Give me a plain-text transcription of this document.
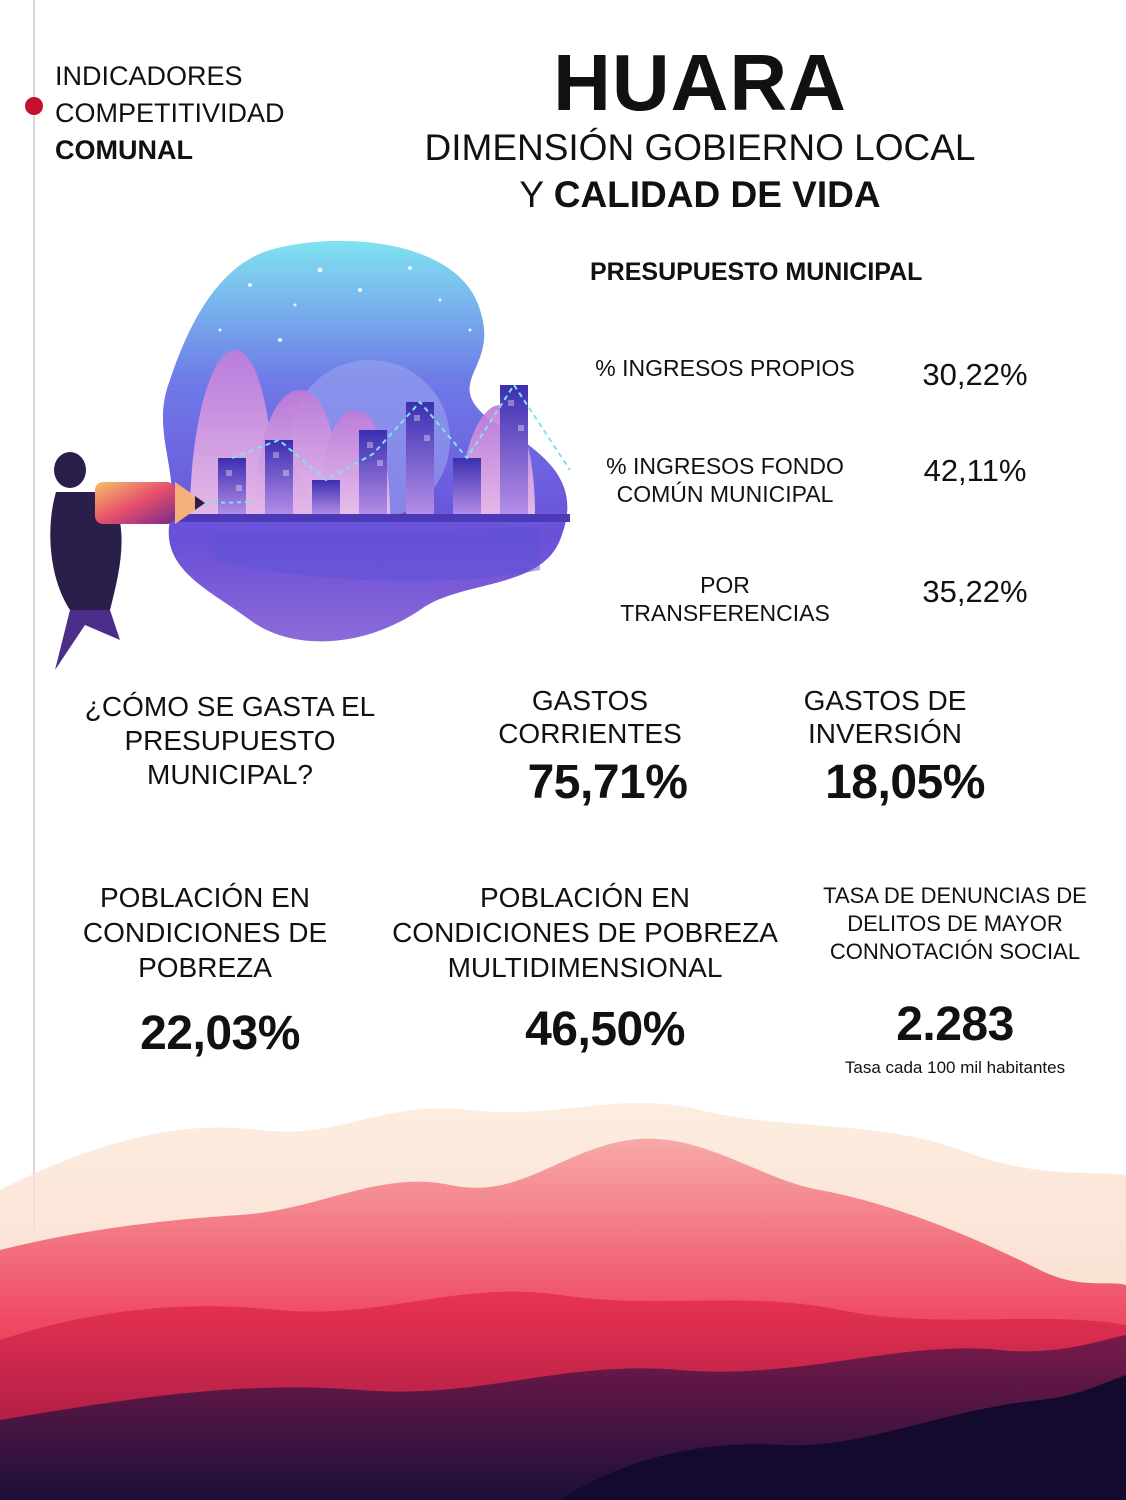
INDICADORES
COMPETITIVIDAD
COMUNAL
HUARA
DIMENSIÓN GOBIERNO LOCAL
Y CALIDAD DE VIDA
PRESUPUESTO MUNICIPAL
% INGRESOS PROPIOS	30,22%
% INGRESOS FONDO
COMÚN MUNICIPAL
42,11%
POR
TRANSFERENCIAS
35,22%
¿CÓMO SE GASTA EL
PRESUPUESTO
MUNICIPAL?
GASTOS
CORRIENTES
75,71%
GASTOS DE
INVERSIÓN
18,05%
POBLACIÓN EN
CONDICIONES DE
POBREZA
22,03%
POBLACIÓN EN
CONDICIONES DE POBREZA
MULTIDIMENSIONAL
46,50%
TASA DE DENUNCIAS DE
DELITOS DE MAYOR
CONNOTACIÓN SOCIAL
2.283
Tasa cada 100 mil habitantes
